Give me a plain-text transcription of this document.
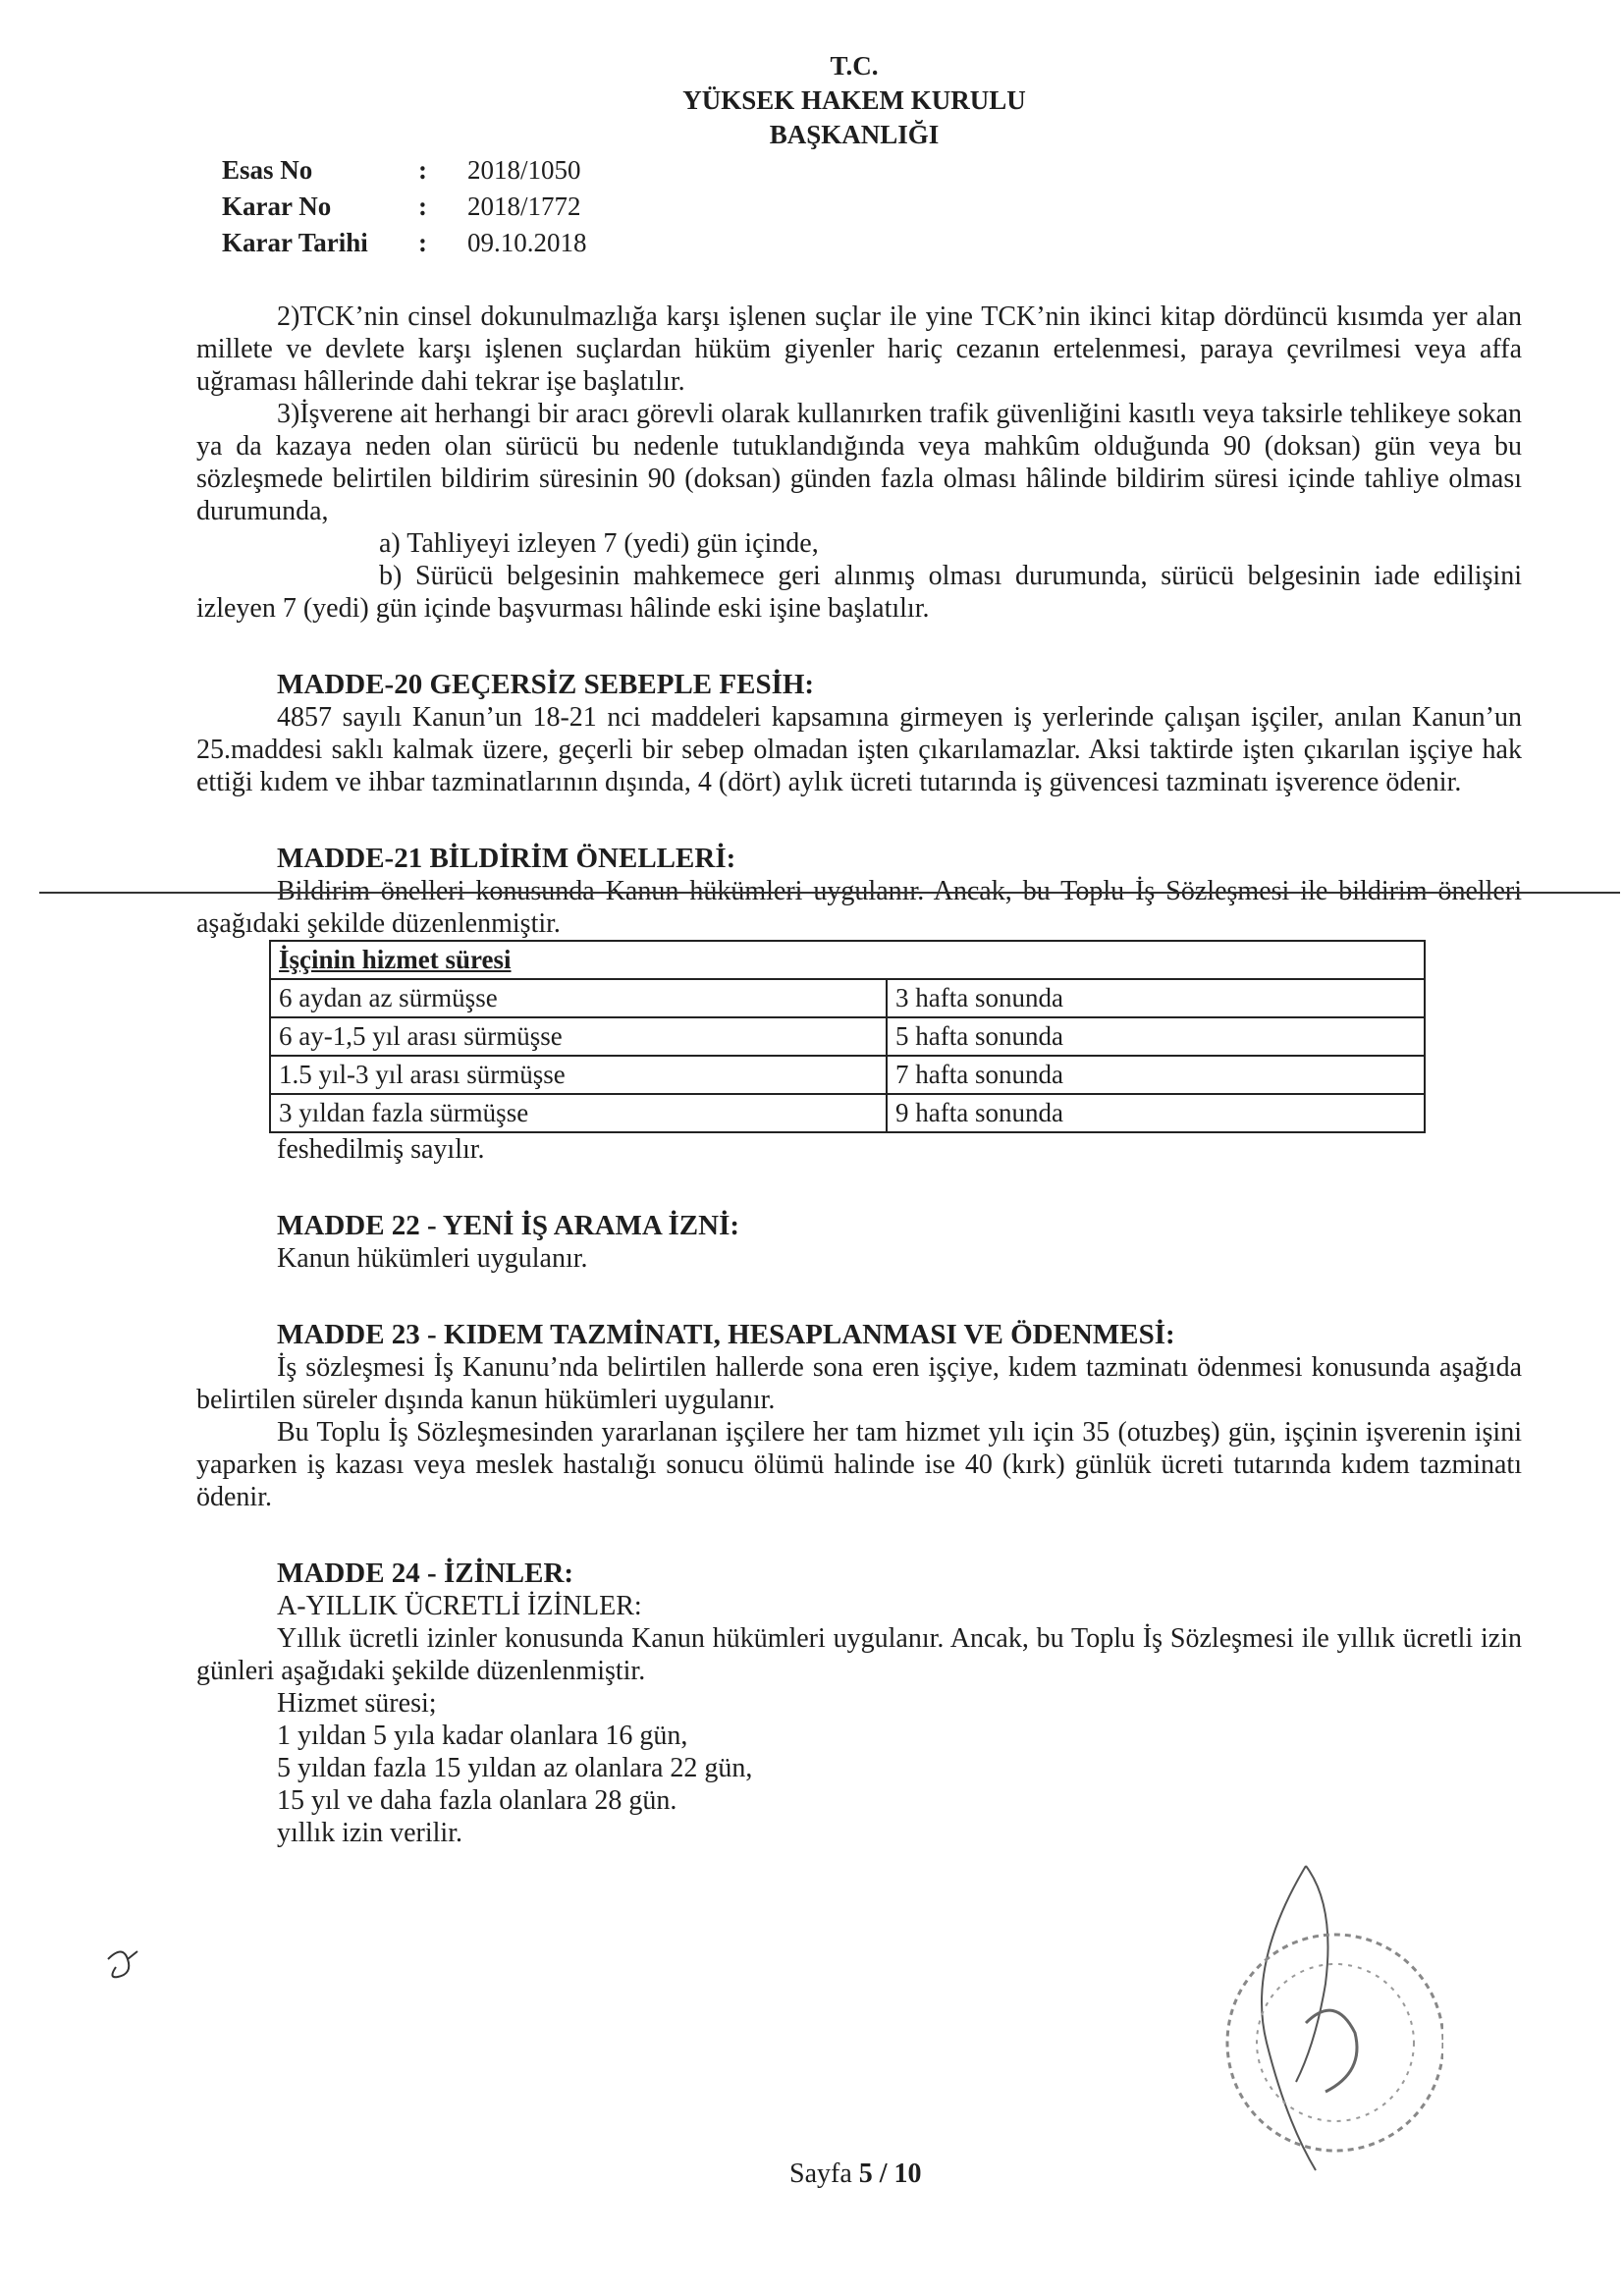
T.C.
YÜKSEK HAKEM KURULU
BAŞKANLIĞI
Esas No	:	2018/1050
Karar No	:	2018/1772
Karar Tarihi	:	09.10.2018

2)TCK’nin cinsel dokunulmazlığa karşı işlenen suçlar ile yine TCK’nin ikinci kitap dördüncü kısımda yer alan millete ve devlete karşı işlenen suçlardan hüküm giyenler hariç cezanın ertelenmesi, paraya çevrilmesi veya affa uğraması hâllerinde dahi tekrar işe başlatılır.

3)İşverene ait herhangi bir aracı görevli olarak kullanırken trafik güvenliğini kasıtlı veya taksirle tehlikeye sokan ya da kazaya neden olan sürücü bu nedenle tutuklandığında veya mahkûm olduğunda 90 (doksan) gün veya bu sözleşmede belirtilen bildirim süresinin 90 (doksan) günden fazla olması hâlinde bildirim süresi içinde tahliye olması durumunda,

a) Tahliyeyi izleyen 7 (yedi) gün içinde,

b) Sürücü belgesinin mahkemece geri alınmış olması durumunda, sürücü belgesinin iade edilişini izleyen 7 (yedi) gün içinde başvurması hâlinde eski işine başlatılır.

MADDE-20 GEÇERSİZ SEBEPLE FESİH:

4857 sayılı Kanun’un 18-21 nci maddeleri kapsamına girmeyen iş yerlerinde çalışan işçiler, anılan Kanun’un 25.maddesi saklı kalmak üzere, geçerli bir sebep olmadan işten çıkarılamazlar. Aksi taktirde işten çıkarılan işçiye hak ettiği kıdem ve ihbar tazminatlarının dışında, 4 (dört) aylık ücreti tutarında iş güvencesi tazminatı işverence ödenir.

MADDE-21 BİLDİRİM ÖNELLERİ:

Bildirim önelleri konusunda Kanun hükümleri uygulanır. Ancak, bu Toplu İş Sözleşmesi ile bildirim önelleri aşağıdaki şekilde düzenlenmiştir.

İşçinin hizmet süresi	
6 aydan az sürmüşse	3 hafta sonunda
6 ay-1,5 yıl arası sürmüşse	5 hafta sonunda
1.5 yıl-3 yıl arası sürmüşse	7 hafta sonunda
3 yıldan fazla sürmüşse	9 hafta sonunda

feshedilmiş sayılır.

MADDE 22 - YENİ İŞ ARAMA İZNİ:

Kanun hükümleri uygulanır.

MADDE 23 - KIDEM TAZMİNATI, HESAPLANMASI VE ÖDENMESİ:

İş sözleşmesi İş Kanunu’nda belirtilen hallerde sona eren işçiye, kıdem tazminatı ödenmesi konusunda aşağıda belirtilen süreler dışında kanun hükümleri uygulanır.

Bu Toplu İş Sözleşmesinden yararlanan işçilere her tam hizmet yılı için 35 (otuzbeş) gün, işçinin işverenin işini yaparken iş kazası veya meslek hastalığı sonucu ölümü halinde ise 40 (kırk) günlük ücreti tutarında kıdem tazminatı ödenir.

MADDE 24 - İZİNLER:

A-YILLIK ÜCRETLİ İZİNLER:

Yıllık ücretli izinler konusunda Kanun hükümleri uygulanır. Ancak, bu Toplu İş Sözleşmesi ile yıllık ücretli izin günleri aşağıdaki şekilde düzenlenmiştir.

Hizmet süresi;

1 yıldan 5 yıla kadar olanlara 16 gün,

5 yıldan fazla 15 yıldan az olanlara 22 gün,

15 yıl ve daha fazla olanlara 28 gün.

yıllık izin verilir.

Sayfa 5 / 10
